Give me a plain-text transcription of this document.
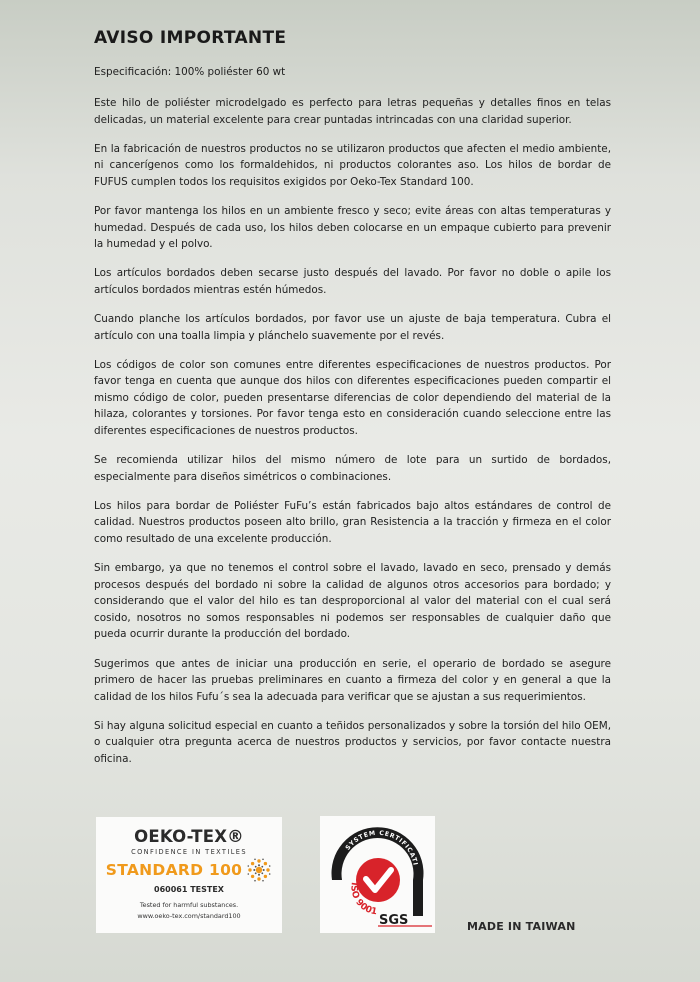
AVISO IMPORTANTE
Especificación: 100% poliéster 60 wt

Este hilo de poliéster microdelgado es perfecto para letras pequeñas y detalles finos en telas delicadas, un material excelente para crear puntadas intrincadas con una claridad superior.

En la fabricación de nuestros productos no se utilizaron productos que afecten el medio ambiente, ni cancerígenos como los formaldehidos, ni productos colorantes aso. Los hilos de bordar de FUFUS cumplen todos los requisitos exigidos por Oeko-Tex Standard 100.

Por favor mantenga los hilos en un ambiente fresco y seco; evite áreas con altas temperaturas y humedad. Después de cada uso, los hilos deben colocarse en un empaque cubierto para prevenir la humedad y el polvo.

Los artículos bordados deben secarse justo después del lavado. Por favor no doble o apile los artículos bordados mientras estén húmedos.

Cuando planche los artículos bordados, por favor use un ajuste de baja temperatura. Cubra el artículo con una toalla limpia y plánchelo suavemente por el revés.

Los códigos de color son comunes entre diferentes especificaciones de nuestros productos. Por favor tenga en cuenta que aunque dos hilos con diferentes especificaciones pueden compartir el mismo código de color, pueden presentarse diferencias de color dependiendo del material de la hilaza, colorantes y torsiones. Por favor tenga esto en consideración cuando seleccione entre las diferentes especificaciones de nuestros productos.

Se recomienda utilizar hilos del mismo número de lote para un surtido de bordados, especialmente para diseños simétricos o combinaciones.

Los hilos para bordar de Poliéster FuFu’s están fabricados bajo altos estándares de control de calidad. Nuestros productos poseen alto brillo, gran Resistencia a la tracción y firmeza en el color como resultado de una excelente producción.

Sin embargo, ya que no tenemos el control sobre el lavado, lavado en seco, prensado y demás procesos después del bordado ni sobre la calidad de algunos otros accesorios para bordado; y considerando que el valor del hilo es tan desproporcional al valor del material con el cual será cosido, nosotros no somos responsables ni podemos ser responsables de cualquier daño que pueda ocurrir durante la producción del bordado.

Sugerimos que antes de iniciar una producción en serie, el operario de bordado se asegure primero de hacer las pruebas preliminares en cuanto a firmeza del color y en general a que la calidad de los hilos Fufu´s sea la adecuada para verificar que se ajustan a sus requerimientos.

Si hay alguna solicitud especial en cuanto a teñidos personalizados y sobre la torsión del hilo OEM, o cualquier otra pregunta acerca de nuestros productos y servicios, por favor contacte nuestra oficina.

OEKO-TEX®
CONFIDENCE IN TEXTILES
STANDARD 100
060061 TESTEX
Tested for harmful substances.
www.oeko-tex.com/standard100
SYSTEM CERTIFICATI
ISO 9001
SGS	MADE IN TAIWAN
